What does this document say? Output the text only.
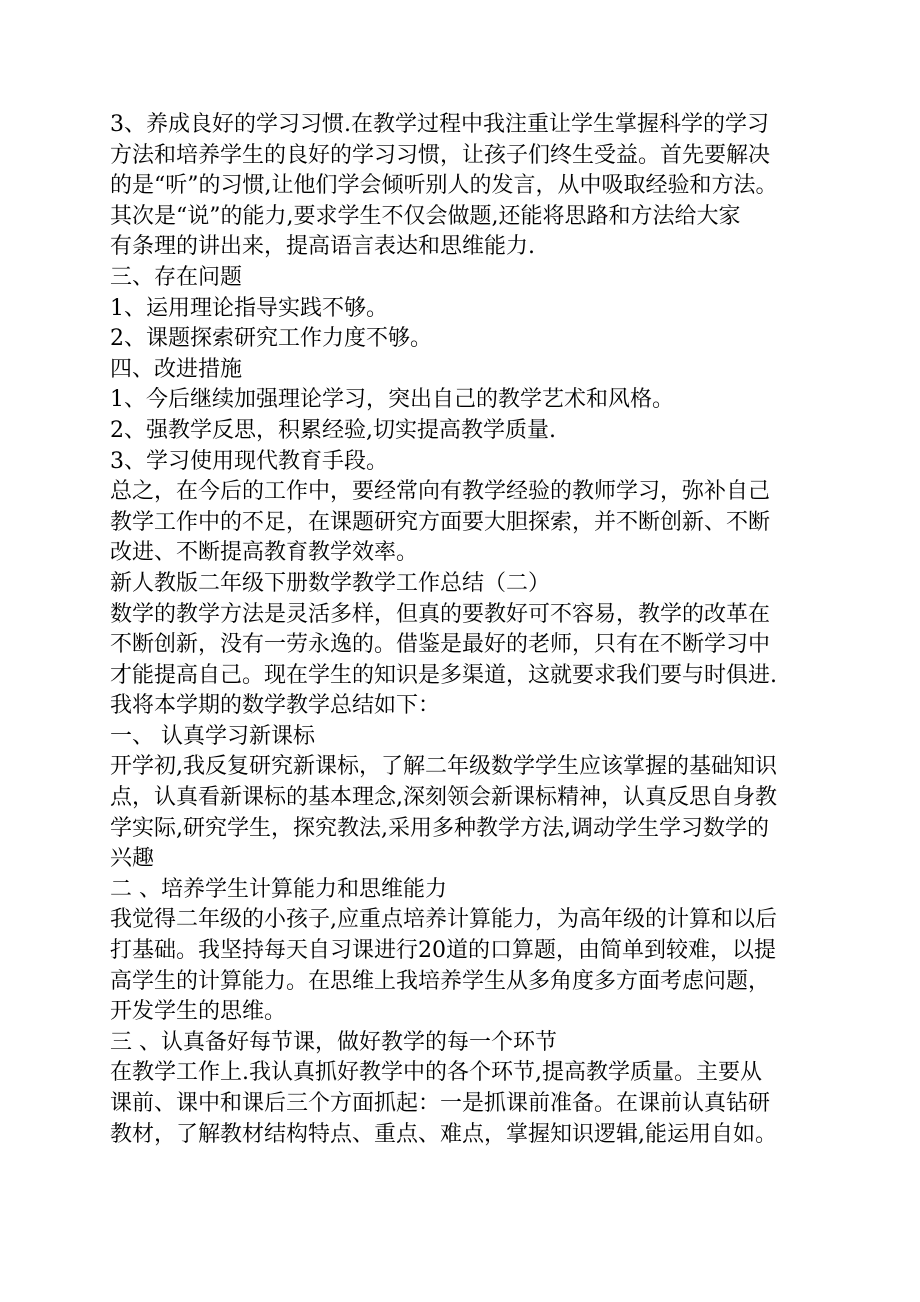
3、养成良好的学习习惯.在教学过程中我注重让学生掌握科学的学习
方法和培养学生的良好的学习习惯，让孩子们终生受益。首先要解决
的是“听”的习惯,让他们学会倾听别人的发言，从中吸取经验和方法。
其次是“说”的能力,要求学生不仅会做题,还能将思路和方法给大家
有条理的讲出来，提高语言表达和思维能力.
三、存在问题
1、运用理论指导实践不够。
2、课题探索研究工作力度不够。
四、改进措施
1、今后继续加强理论学习，突出自己的教学艺术和风格。
2、强教学反思，积累经验,切实提高教学质量.
3、学习使用现代教育手段。
总之，在今后的工作中，要经常向有教学经验的教师学习，弥补自己
教学工作中的不足，在课题研究方面要大胆探索，并不断创新、不断
改进、不断提高教育教学效率。
新人教版二年级下册数学教学工作总结（二）
数学的教学方法是灵活多样，但真的要教好可不容易，教学的改革在
不断创新，没有一劳永逸的。借鉴是最好的老师，只有在不断学习中
才能提高自己。现在学生的知识是多渠道，这就要求我们要与时俱进.
我将本学期的数学教学总结如下：
一、 认真学习新课标
开学初,我反复研究新课标，了解二年级数学学生应该掌握的基础知识
点，认真看新课标的基本理念,深刻领会新课标精神，认真反思自身教
学实际,研究学生，探究教法,采用多种教学方法,调动学生学习数学的
兴趣
二 、培养学生计算能力和思维能力
我觉得二年级的小孩子,应重点培养计算能力，为高年级的计算和以后
打基础。我坚持每天自习课进行20道的口算题，由简单到较难，以提
高学生的计算能力。在思维上我培养学生从多角度多方面考虑问题，
开发学生的思维。
三 、认真备好每节课，做好教学的每一个环节
在教学工作上.我认真抓好教学中的各个环节,提高教学质量。主要从
课前、课中和课后三个方面抓起：一是抓课前准备。在课前认真钻研
教材，了解教材结构特点、重点、难点，掌握知识逻辑,能运用自如。
